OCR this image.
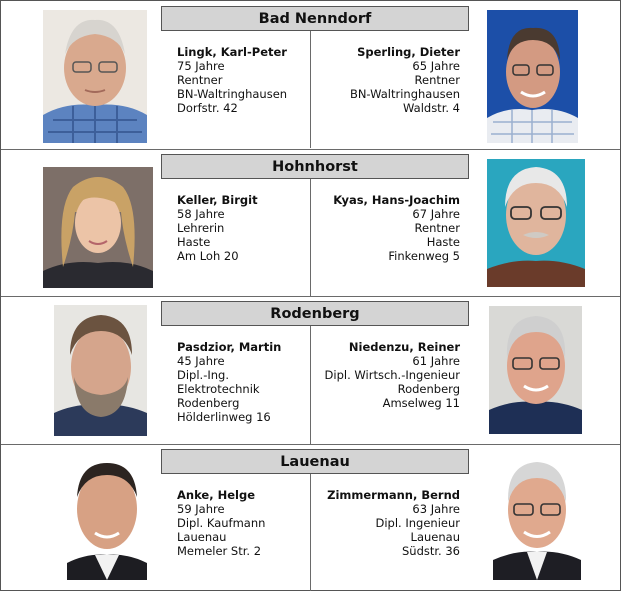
Bad Nenndorf
Lingk, Karl-Peter
75 Jahre
Rentner
BN-Waltringhausen
Dorfstr. 42
Sperling, Dieter
65 Jahre
Rentner
BN-Waltringhausen
Waldstr. 4
Hohnhorst
Keller, Birgit
58 Jahre
Lehrerin
Haste
Am Loh 20
Kyas, Hans-Joachim
67 Jahre
Rentner
Haste
Finkenweg 5
Rodenberg
Pasdzior, Martin
45 Jahre
Dipl.-Ing.
Elektrotechnik
Rodenberg
Hölderlinweg 16
Niedenzu, Reiner
61 Jahre
Dipl. Wirtsch.-Ingenieur
Rodenberg
Amselweg 11
Lauenau
Anke, Helge
59 Jahre
Dipl. Kaufmann
Lauenau
Memeler Str. 2
Zimmermann, Bernd
63 Jahre
Dipl. Ingenieur
Lauenau
Südstr. 36
